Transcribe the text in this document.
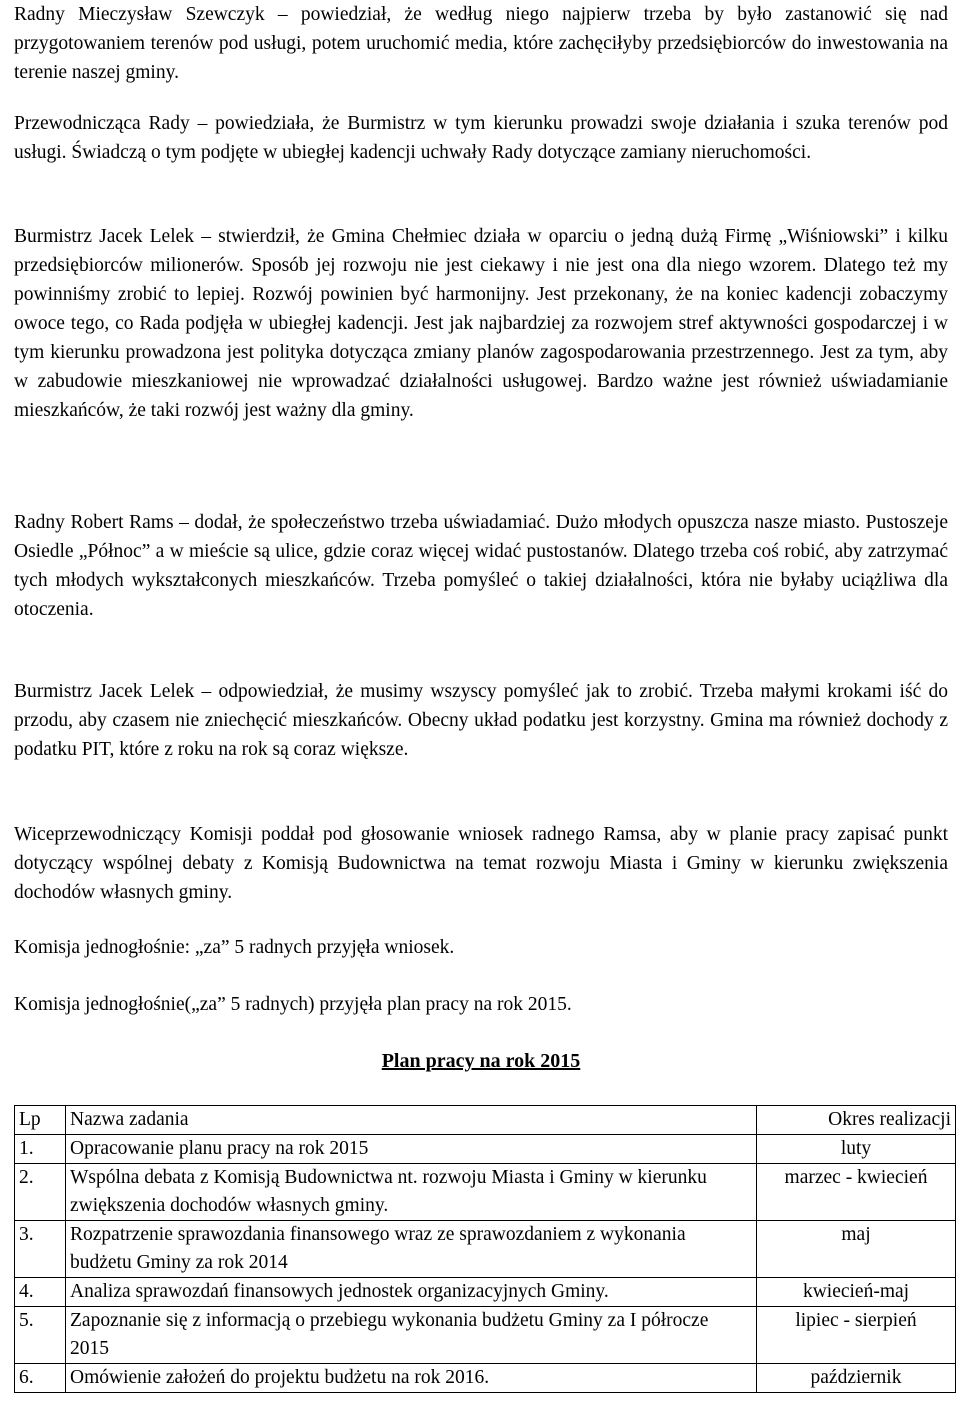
Radny Mieczysław Szewczyk – powiedział, że według niego najpierw trzeba by było zastanowić się nad przygotowaniem terenów pod usługi, potem uruchomić media, które zachęciłyby przedsiębiorców do inwestowania na terenie naszej gminy.

Przewodnicząca Rady – powiedziała, że Burmistrz w tym kierunku prowadzi swoje działania i szuka terenów pod usługi. Świadczą o tym podjęte w ubiegłej kadencji uchwały Rady dotyczące zamiany nieruchomości.

Burmistrz Jacek Lelek – stwierdził, że Gmina Chełmiec działa w oparciu o jedną dużą Firmę „Wiśniowski” i kilku przedsiębiorców milionerów. Sposób jej rozwoju nie jest ciekawy i nie jest ona dla niego wzorem. Dlatego też my powinniśmy zrobić to lepiej. Rozwój powinien być harmonijny. Jest przekonany, że na koniec kadencji zobaczymy owoce tego, co Rada podjęła w ubiegłej kadencji. Jest jak najbardziej za rozwojem stref aktywności gospodarczej i w tym kierunku prowadzona jest polityka dotycząca zmiany planów zagospodarowania przestrzennego. Jest za tym, aby w zabudowie mieszkaniowej nie wprowadzać działalności usługowej. Bardzo ważne jest również uświadamianie mieszkańców, że taki rozwój jest ważny dla gminy.

Radny Robert Rams – dodał, że społeczeństwo trzeba uświadamiać. Dużo młodych opuszcza nasze miasto. Pustoszeje Osiedle „Północ” a w mieście są ulice, gdzie coraz więcej widać pustostanów. Dlatego trzeba coś robić, aby zatrzymać tych młodych wykształconych mieszkańców. Trzeba pomyśleć o takiej działalności, która nie byłaby uciążliwa dla otoczenia.

Burmistrz Jacek Lelek – odpowiedział, że musimy wszyscy pomyśleć jak to zrobić. Trzeba małymi krokami iść do przodu, aby czasem nie zniechęcić mieszkańców. Obecny układ podatku jest korzystny. Gmina ma również dochody z podatku PIT, które z roku na rok są coraz większe.

Wiceprzewodniczący Komisji poddał pod głosowanie wniosek radnego Ramsa, aby w planie pracy zapisać punkt dotyczący wspólnej debaty z Komisją Budownictwa na temat rozwoju Miasta i Gminy w kierunku zwiększenia dochodów własnych gminy.

Komisja jednogłośnie: „za” 5 radnych przyjęła wniosek.

Komisja jednogłośnie(„za” 5 radnych) przyjęła plan pracy na rok 2015.

Plan pracy na rok 2015

Lp	Nazwa zadania	Okres realizacji
1.	Opracowanie planu pracy na rok 2015	luty
2.	Wspólna debata z Komisją Budownictwa nt. rozwoju Miasta i Gminy w kierunku zwiększenia dochodów własnych gminy.	marzec - kwiecień
3.	Rozpatrzenie sprawozdania finansowego wraz ze sprawozdaniem z wykonania budżetu Gminy za rok 2014	maj
4.	Analiza sprawozdań finansowych jednostek organizacyjnych Gminy.	kwiecień-maj
5.	Zapoznanie się z informacją o przebiegu wykonania budżetu Gminy za I półrocze 2015	lipiec - sierpień
6.	Omówienie założeń do projektu budżetu na rok 2016.	październik
